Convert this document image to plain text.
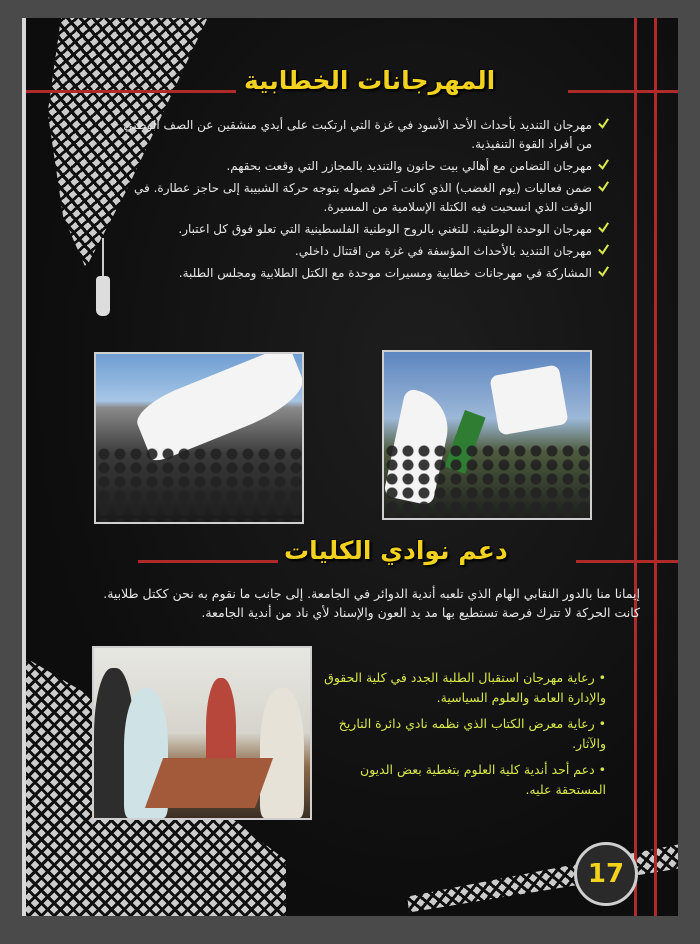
المهرجانات الخطابية
مهرجان التنديد بأحداث الأحد الأسود في غزة التي ارتكبت على أيدي منشقين عن الصف الوطني من أفراد القوة التنفيذية.
مهرجان التضامن مع أهالي بيت حانون والتنديد بالمجازر التي وقعت بحقهم.
ضمن فعاليات (يوم الغضب) الذي كانت آخر فصوله بتوجه حركة الشبيبة إلى حاجز عطارة. في الوقت الذي انسحبت فيه الكتلة الإسلامية من المسيرة.
مهرجان الوحدة الوطنية. للتغني بالروح الوطنية الفلسطينية التي تعلو فوق كل اعتبار.
مهرجان التنديد بالأحداث المؤسفة في غزة من اقتتال داخلي.
المشاركة في مهرجانات خطابية ومسيرات موحدة مع الكتل الطلابية ومجلس الطلبة.
دعم نوادي الكليات
إيمانا منا بالدور النقابي الهام الذي تلعبه أندية الدوائر في الجامعة. إلى جانب ما نقوم به نحن ككتل طلابية. كانت الحركة لا تترك فرصة تستطيع بها مد يد العون والإسناد لأي ناد من أندية الجامعة.
• رعاية مهرجان استقبال الطلبة الجدد في كلية الحقوق والإدارة العامة والعلوم السياسية.
• رعاية معرض الكتاب الذي نظمه نادي دائرة التاريخ والآثار.
• دعم أحد أندية كلية العلوم بتغطية بعض الديون المستحقة عليه.
17
